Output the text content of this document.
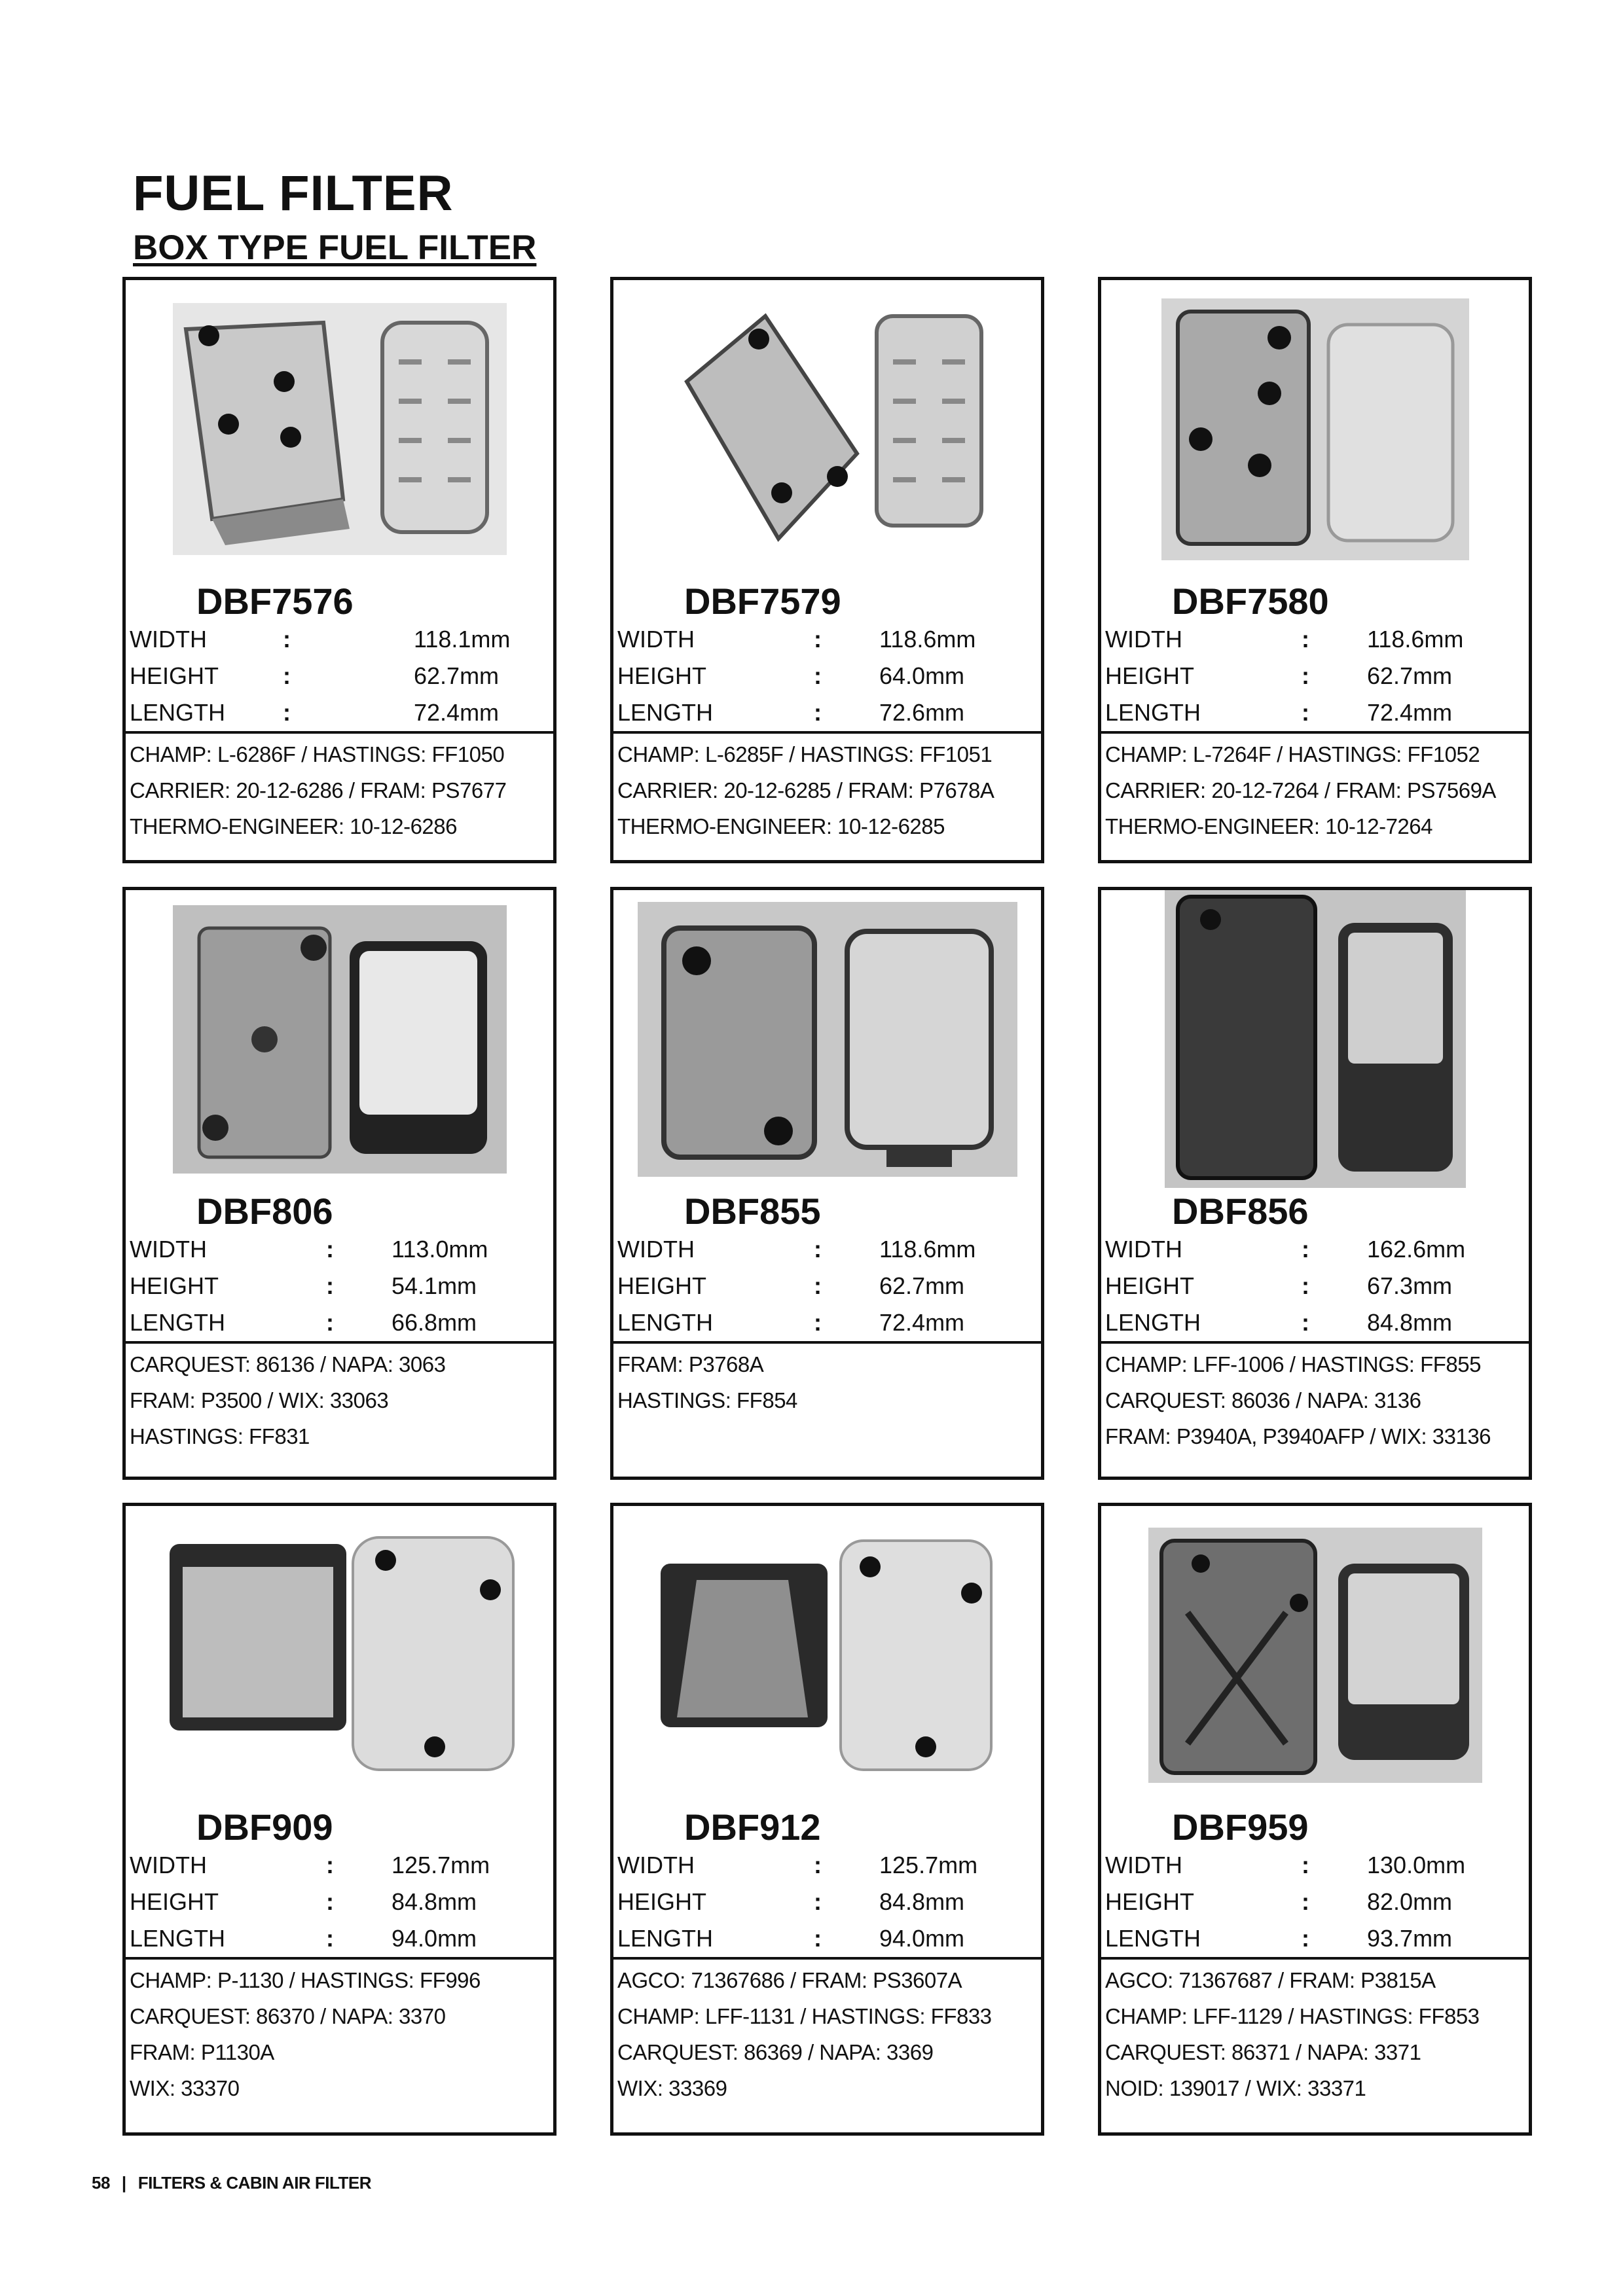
FUEL FILTER
BOX TYPE FUEL FILTER
DBF7576
WIDTH	:	118.1mm
HEIGHT	:	62.7mm
LENGTH	:	72.4mm
CHAMP: L-6286F / HASTINGS: FF1050
CARRIER: 20-12-6286 / FRAM: PS7677
THERMO-ENGINEER: 10-12-6286
DBF7579
WIDTH	:	118.6mm
HEIGHT	:	64.0mm
LENGTH	:	72.6mm
CHAMP: L-6285F / HASTINGS: FF1051
CARRIER: 20-12-6285 / FRAM: P7678A
THERMO-ENGINEER: 10-12-6285
DBF7580
WIDTH	:	118.6mm
HEIGHT	:	62.7mm
LENGTH	:	72.4mm
CHAMP: L-7264F / HASTINGS: FF1052
CARRIER: 20-12-7264 / FRAM: PS7569A
THERMO-ENGINEER: 10-12-7264
DBF806
WIDTH	:	113.0mm
HEIGHT	:	54.1mm
LENGTH	:	66.8mm
CARQUEST: 86136 / NAPA: 3063
FRAM: P3500 / WIX: 33063
HASTINGS: FF831
DBF855
WIDTH	:	118.6mm
HEIGHT	:	62.7mm
LENGTH	:	72.4mm
FRAM: P3768A
HASTINGS: FF854
DBF856
WIDTH	:	162.6mm
HEIGHT	:	67.3mm
LENGTH	:	84.8mm
CHAMP: LFF-1006 / HASTINGS: FF855
CARQUEST: 86036 / NAPA: 3136
FRAM: P3940A, P3940AFP / WIX: 33136
DBF909
WIDTH	:	125.7mm
HEIGHT	:	84.8mm
LENGTH	:	94.0mm
CHAMP: P-1130 / HASTINGS: FF996
CARQUEST: 86370 / NAPA: 3370
FRAM: P1130A
WIX: 33370
DBF912
WIDTH	:	125.7mm
HEIGHT	:	84.8mm
LENGTH	:	94.0mm
AGCO: 71367686 / FRAM: PS3607A
CHAMP: LFF-1131 / HASTINGS: FF833
CARQUEST: 86369 / NAPA: 3369
WIX: 33369
DBF959
WIDTH	:	130.0mm
HEIGHT	:	82.0mm
LENGTH	:	93.7mm
AGCO: 71367687 / FRAM: P3815A
CHAMP: LFF-1129 / HASTINGS: FF853
CARQUEST: 86371 / NAPA: 3371
NOID: 139017 / WIX: 33371
58 | FILTERS & CABIN AIR FILTER
